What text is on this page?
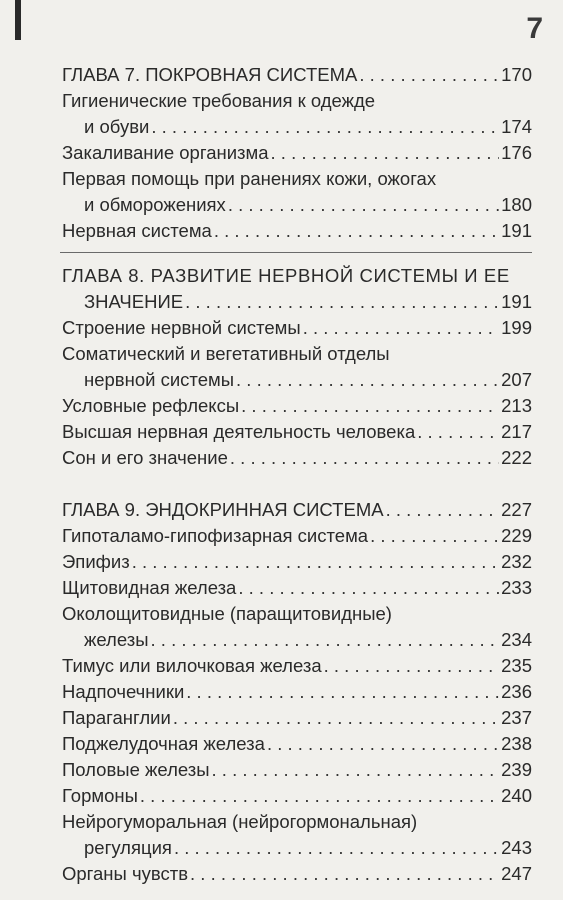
7
ГЛАВА 7. ПОКРОВНАЯ СИСТЕМА . . .	170
Гигиенические требования к одежде
и обуви . . .	174
Закаливание организма . . .	176
Первая помощь при ранениях кожи, ожогах
и обморожениях . . .	180
Нервная система . . .	191
ГЛАВА 8. РАЗВИТИЕ НЕРВНОЙ СИСТЕМЫ И ЕЕ
ЗНАЧЕНИЕ . . .	191
Строение нервной системы . . .	199
Соматический и вегетативный отделы
нервной системы . . .	207
Условные рефлексы . . .	213
Высшая нервная деятельность человека . . .	217
Сон и его значение . . .	222
ГЛАВА 9. ЭНДОКРИННАЯ СИСТЕМА . . .	227
Гипоталамо-гипофизарная система . . .	229
Эпифиз . . .	232
Щитовидная железа . . .	233
Околощитовидные (паращитовидные)
железы . . .	234
Тимус или вилочковая железа . . .	235
Надпочечники . . .	236
Параганглии . . .	237
Поджелудочная железа . . .	238
Половые железы . . .	239
Гормоны . . .	240
Нейрогуморальная (нейрогормональная)
регуляция . . .	243
Органы чувств . . .	247
